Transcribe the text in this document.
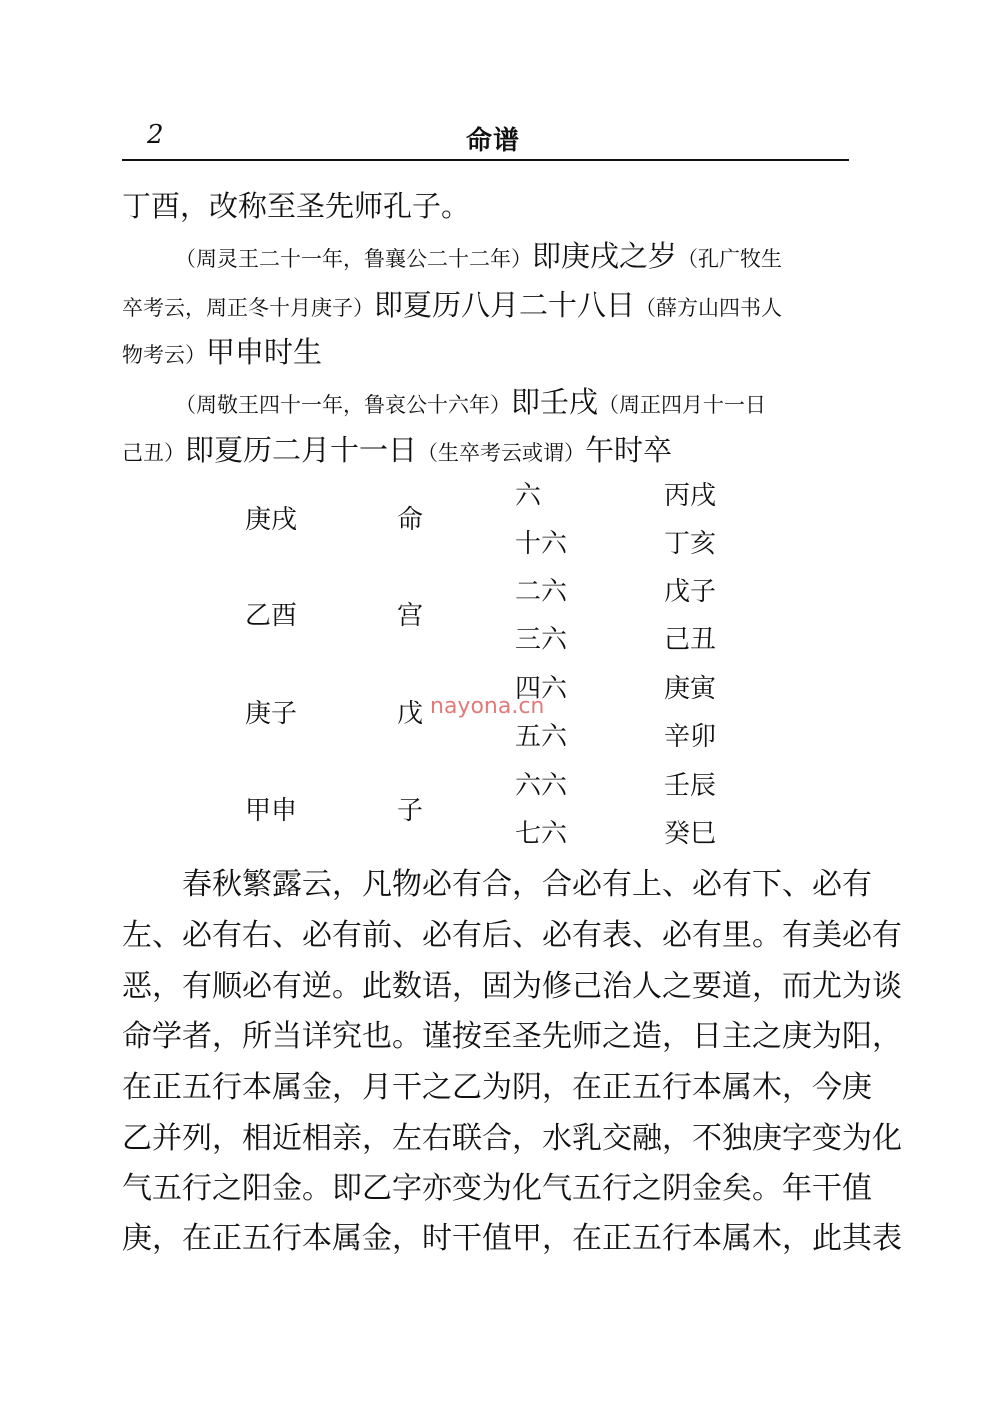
2	命谱
丁酉，改称至圣先师孔子。
（周灵王二十一年，鲁襄公二十二年）即庚戌之岁（孔广牧生
卒考云，周正冬十月庚子）即夏历八月二十八日（薛方山四书人
物考云）甲申时生
（周敬王四十一年，鲁哀公十六年）即壬戌（周正四月十一日
己丑）即夏历二月十一日（生卒考云或谓）午时卒
庚戌
乙酉
庚子
甲申
命
宫
戊
子
六
十六
二六
三六
四六
五六
六六
七六
丙戌
丁亥
戊子
己丑
庚寅
辛卯
壬辰
癸巳
nayona.cn
春秋繁露云，凡物必有合，合必有上、必有下、必有
左、必有右、必有前、必有后、必有表、必有里。有美必有
恶，有顺必有逆。此数语，固为修己治人之要道，而尤为谈
命学者，所当详究也。谨按至圣先师之造，日主之庚为阳，
在正五行本属金，月干之乙为阴，在正五行本属木，今庚
乙并列，相近相亲，左右联合，水乳交融，不独庚字变为化
气五行之阳金。即乙字亦变为化气五行之阴金矣。年干值
庚，在正五行本属金，时干值甲，在正五行本属木，此其表
